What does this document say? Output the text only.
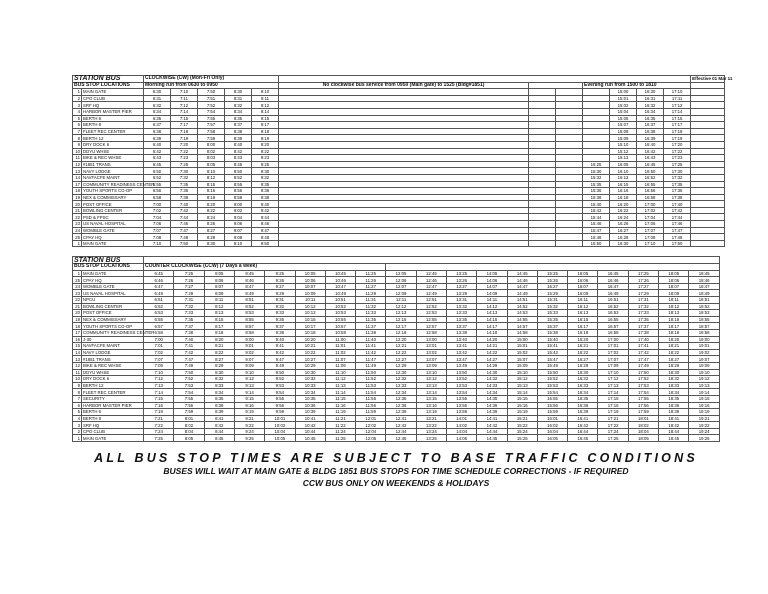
STATION BUS		CLOCKWISE (CW) (Mon-Fri Only)												Effective 01 Mar 11
BUS STOP LOCATIONS		Morning run from 0630 to 0950					No clockwise bus service from 0950 (Main gate) to 1525 (Bldg#1851)			Evening run from 1500 to 1810				
1	MAIN GATE	6:30	7:10	7:50	8:30	9:10					15:00	16:30	17:10	
2	CPO CLUB	6:31	7:11	7:51	8:31	9:11					15:01	16:31	17:11	
3	SRF HQ	6:32	7:12	7:52	8:32	9:12					15:02	16:32	17:12	
4	HARBOR MASTER PIER	6:34	7:14	7:54	8:34	9:14					15:04	16:34	17:14	
5	BERTH 6	6:35	7:15	7:55	8:35	9:15					15:05	16:35	17:15	
6	BERTH 8	6:37	7:17	7:57	8:37	9:17					15:07	16:37	17:17	
7	FLEET REC CENTER	6:38	7:18	7:58	8:38	9:18					15:08	16:38	17:18	
8	BERTH 12	6:39	7:19	7:59	8:39	9:19					15:09	16:39	17:19	
9	DRY DOCK 6	6:40	7:20	8:00	8:40	9:20					15:10	16:40	17:20	
10	DDYU WHSE	6:42	7:22	8:02	8:42	9:22					15:12	16:42	17:22	
11	BIKE & REC WHSE	6:43	7:23	8:03	8:43	9:23					15:13	16:43	17:23	
12	#1851 TRANS	6:45	7:25	8:05	8:45	9:25				15:25	16:05	16:45	17:25	
13	NAVY LODGE	6:50	7:30	8:10	8:50	9:30				15:30	16:10	16:50	17:30	
14	NAVFACFE MAINT	6:52	7:32	8:12	8:52	9:32				15:32	16:12	16:52	17:32	
17	COMMUNITY READINESS CENTER	6:55	7:35	8:15	8:55	9:35				15:35	16:15	16:55	17:35	
18	YOUTH SPORTS CO-OP	6:56	7:36	8:16	8:56	9:36				15:36	16:16	16:56	17:36	
19	NEX & COMMISSARY	6:58	7:38	8:18	8:58	9:38				15:38	16:18	16:58	17:38	
20	POST OFFICE	7:00	7:40	8:20	9:00	9:40				15:40	16:20	17:00	17:40	
21	BOWLING CENTER	7:02	7:42	8:22	9:02	9:42				15:42	16:22	17:02	17:42	
22	PSD & FPSC	7:04	7:44	8:24	9:04	9:44				15:44	16:24	17:04	17:44	
23	US NAVAL HOSPITAL	7:06	7:46	8:26	9:06	9:46				15:46	16:26	17:06	17:46	
24	WOMBLE GATE	7:07	7:47	8:27	9:07	9:47				15:47	16:27	17:07	17:47	
25	CPAY HQ	7:08	7:48	8:28	9:08	9:48				15:48	16:28	17:08	17:48	
1	MAIN GATE	7:10	7:50	8:30	9:10	9:50				15:50	16:30	17:10	17:50	
STATION BUS																				
BUS STOP LOCATIONS		COUNTER CLOCKWISE (CCW) (7 Days a week)																		
1	MAIN GATE	6:45	7:25	8:05	8:45	9:25	10:05	10:45	11:25	12:05	12:45	13:25	14:05	14:45	15:25	16:05	16:45	17:25	18:05	18:45
25	CPAY HQ	6:46	7:26	8:06	8:46	9:26	10:06	10:46	11:26	12:06	12:46	13:26	14:06	14:46	15:26	16:06	16:46	17:26	18:06	18:46
24	WOMBLE GATE	6:47	7:27	8:07	8:47	9:27	10:07	10:47	11:27	12:07	12:47	13:27	14:07	14:47	15:27	16:07	16:47	17:27	18:07	18:47
23	US NAVAL HOSPITAL	6:49	7:29	8:09	8:49	9:29	10:09	10:49	11:29	12:09	12:49	13:29	14:09	14:49	15:29	16:09	16:49	17:29	18:09	18:49
22	NPCU	6:51	7:31	8:11	8:51	9:31	10:11	10:51	11:31	12:11	12:51	13:31	14:11	14:51	15:31	16:11	16:51	17:31	18:11	18:51
21	BOWLING CENTER	6:52	7:32	8:12	8:52	9:32	10:12	10:52	11:32	12:12	12:52	13:32	14:12	14:52	15:32	16:12	16:52	17:32	18:12	18:52
20	POST OFFICE	6:53	7:33	8:13	8:53	9:33	10:13	10:53	11:33	12:13	12:53	13:33	14:13	14:53	15:33	16:13	16:53	17:33	18:13	18:53
19	NEX & COMMISSARY	6:55	7:35	8:15	8:55	9:35	10:15	10:55	11:35	12:15	12:55	13:35	14:15	14:55	15:35	16:15	16:55	17:35	18:15	18:55
18	YOUTH SPORTS CO-OP	6:57	7:37	8:17	8:57	9:37	10:17	10:57	11:37	12:17	12:57	13:37	14:17	14:57	15:37	16:17	16:57	17:37	18:17	18:57
17	COMMUNITY READINESS CENTER	6:58	7:38	8:18	8:58	9:38	10:18	10:58	11:38	12:18	12:58	13:38	14:18	14:58	15:38	16:18	16:58	17:38	18:18	18:58
16	J-30	7:00	7:40	8:20	9:00	9:40	10:20	11:00	11:40	12:20	13:00	13:40	14:20	15:00	15:40	16:20	17:00	17:40	18:20	19:00
15	NAVFACFE MAINT	7:01	7:41	8:21	9:01	9:41	10:21	11:01	11:41	12:21	13:01	13:41	14:21	15:01	15:41	16:21	17:01	17:41	18:21	19:01
14	NAVY LODGE	7:02	7:42	8:22	9:02	9:42	10:22	11:02	11:42	12:22	13:02	13:42	14:22	15:02	15:42	16:22	17:02	17:42	18:22	19:02
13	#1851 TRANS	7:07	7:47	8:27	9:07	9:47	10:27	11:07	11:47	12:27	13:07	13:47	14:27	15:07	15:47	16:27	17:07	17:47	18:27	19:07
12	BIKE & REC WHSE	7:09	7:49	8:29	9:09	9:49	10:29	11:09	11:49	12:29	13:09	13:49	14:29	15:09	15:49	16:29	17:09	17:49	18:29	19:09
11	DDYU WHSE	7:10	7:50	8:30	9:10	9:50	10:30	11:10	11:50	12:30	13:10	13:50	14:30	15:10	15:50	16:30	17:10	17:50	18:30	19:10
10	DRY DOCK 6	7:12	7:52	8:32	9:12	9:52	10:32	11:12	11:52	12:32	13:12	13:52	14:32	15:12	15:52	16:32	17:12	17:52	18:32	19:12
9	BERTH 12	7:13	7:53	8:33	9:13	9:53	10:33	11:13	11:53	12:33	13:13	13:53	14:33	15:13	15:53	16:33	17:13	17:53	18:33	19:13
8	FLEET REC CENTER	7:14	7:54	8:34	9:14	9:54	10:34	11:14	11:54	12:34	13:14	13:54	14:34	15:14	15:54	16:34	17:14	17:54	18:34	19:14
7	SECURITY	7:15	7:55	8:35	9:15	9:55	10:35	11:15	11:55	12:35	13:15	13:55	14:35	15:15	15:55	16:35	17:15	17:55	18:35	19:15
6	HARBOR MASTER PIER	7:16	7:56	8:36	9:16	9:56	10:36	11:16	11:56	12:36	13:16	13:56	14:36	15:16	15:56	16:36	17:16	17:56	18:36	19:16
5	BERTH 6	7:19	7:59	8:39	9:19	9:59	10:39	11:19	11:59	12:39	13:19	13:59	14:39	15:19	15:59	16:39	17:19	17:59	18:39	19:19
4	BERTH 8	7:21	8:01	8:41	9:21	10:01	10:41	11:21	12:01	12:41	13:21	14:01	14:41	15:21	16:01	16:41	17:21	18:01	18:41	19:21
3	SRF HQ	7:22	8:02	8:42	9:22	10:02	10:42	11:22	12:02	12:42	13:22	14:02	14:42	15:22	16:02	16:42	17:22	18:02	18:42	19:22
2	CPO CLUB	7:24	8:04	8:44	9:24	10:04	10:44	11:24	12:04	12:44	13:24	14:04	14:44	15:24	16:04	16:44	17:24	18:04	18:44	19:24
1	MAIN GATE	7:25	8:05	8:45	9:25	10:05	10:45	11:25	12:05	12:45	13:25	14:05	14:45	15:25	16:05	16:45	17:25	18:05	18:45	19:25
ALL BUS STOP TIMES ARE SUBJECT TO BASE TRAFFIC CONDITIONS
BUSES WILL WAIT AT MAIN GATE & BLDG 1851 BUS STOPS FOR TIME SCHEDULE CORRECTIONS - IF REQUIRED
CCW BUS ONLY ON WEEKENDS & HOLIDAYS
